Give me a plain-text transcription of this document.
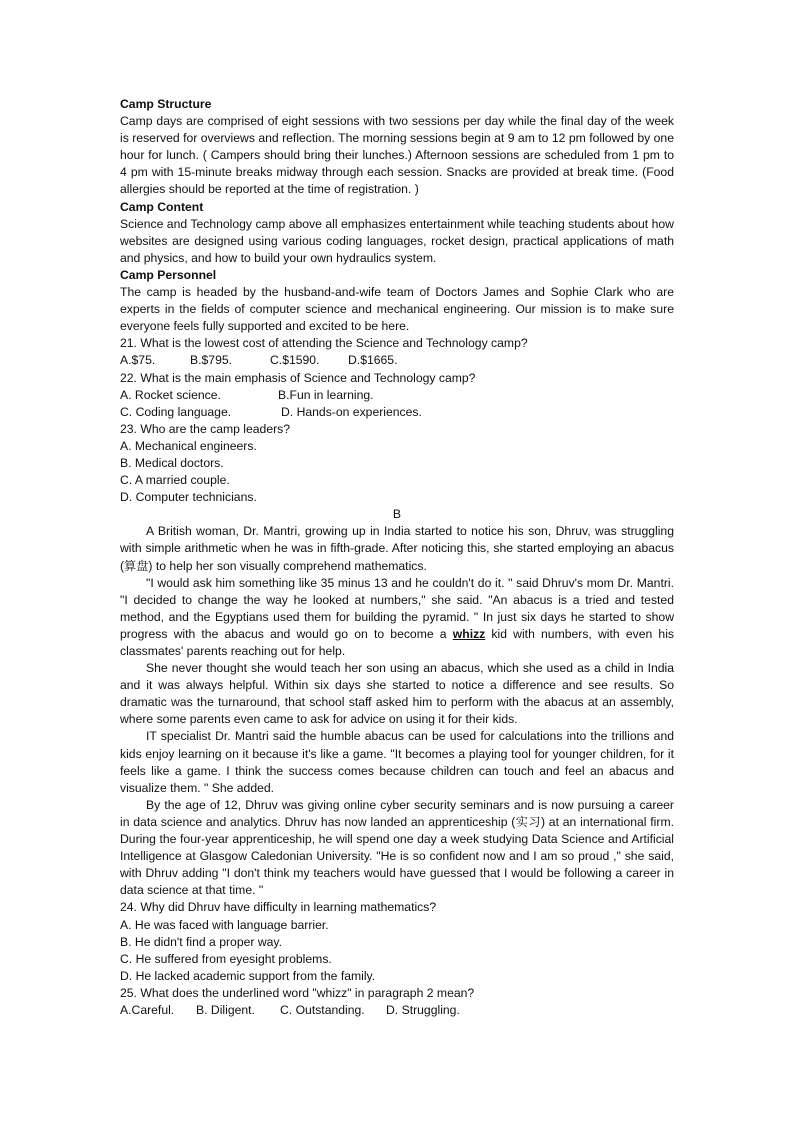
Camp Structure

Camp days are comprised of eight sessions with two sessions per day while the final day of the week is reserved for overviews and reflection. The morning sessions begin at 9 am to 12 pm followed by one hour for lunch. ( Campers should bring their lunches.) Afternoon sessions are scheduled from 1 pm to 4 pm with 15-minute breaks midway through each session. Snacks are provided at break time. (Food allergies should be reported at the time of registration. )

Camp Content

Science and Technology camp above all emphasizes entertainment while teaching students about how websites are designed using various coding languages, rocket design, practical applications of math and physics, and how to build your own hydraulics system.

Camp Personnel

The camp is headed by the husband-and-wife team of Doctors James and Sophie Clark who are experts in the fields of computer science and mechanical engineering. Our mission is to make sure everyone feels fully supported and excited to be here.

21. What is the lowest cost of attending the Science and Technology camp?

A.$75.	B.$795.	C.$1590. D.$1665.

22. What is the main emphasis of Science and Technology camp?

A. Rocket science.	B.Fun in learning.

C. Coding language.	D. Hands-on experiences.

23. Who are the camp leaders?

A. Mechanical engineers.

B. Medical doctors.

C. A married couple.

D. Computer technicians.

B

A British woman, Dr. Mantri, growing up in India started to notice his son, Dhruv, was struggling with simple arithmetic when he was in fifth-grade. After noticing this, she started employing an abacus (算盘) to help her son visually comprehend mathematics.

"I would ask him something like 35 minus 13 and he couldn't do it. " said Dhruv's mom Dr. Mantri. "I decided to change the way he looked at numbers," she said. "An abacus is a tried and tested method, and the Egyptians used them for building the pyramid. " In just six days he started to show progress with the abacus and would go on to become a whizz kid with numbers, with even his classmates' parents reaching out for help.

She never thought she would teach her son using an abacus, which she used as a child in India and it was always helpful. Within six days she started to notice a difference and see results. So dramatic was the turnaround, that school staff asked him to perform with the abacus at an assembly, where some parents even came to ask for advice on using it for their kids.

IT specialist Dr. Mantri said the humble abacus can be used for calculations into the trillions and kids enjoy learning on it because it's like a game. "It becomes a playing tool for younger children, for it feels like a game. I think the success comes because children can touch and feel an abacus and visualize them. " She added.

By the age of 12, Dhruv was giving online cyber security seminars and is now pursuing a career in data science and analytics. Dhruv has now landed an apprenticeship (实习) at an international firm. During the four-year apprenticeship, he will spend one day a week studying Data Science and Artificial Intelligence at Glasgow Caledonian University. "He is so confident now and I am so proud ," she said, with Dhruv adding "I don't think my teachers would have guessed that I would be following a career in data science at that time. "

24. Why did Dhruv have difficulty in learning mathematics?

A. He was faced with language barrier.

B. He didn't find a proper way.

C. He suffered from eyesight problems.

D. He lacked academic support from the family.

25. What does the underlined word "whizz" in paragraph 2 mean?

A.Careful. B. Diligent. C. Outstanding. D. Struggling.
